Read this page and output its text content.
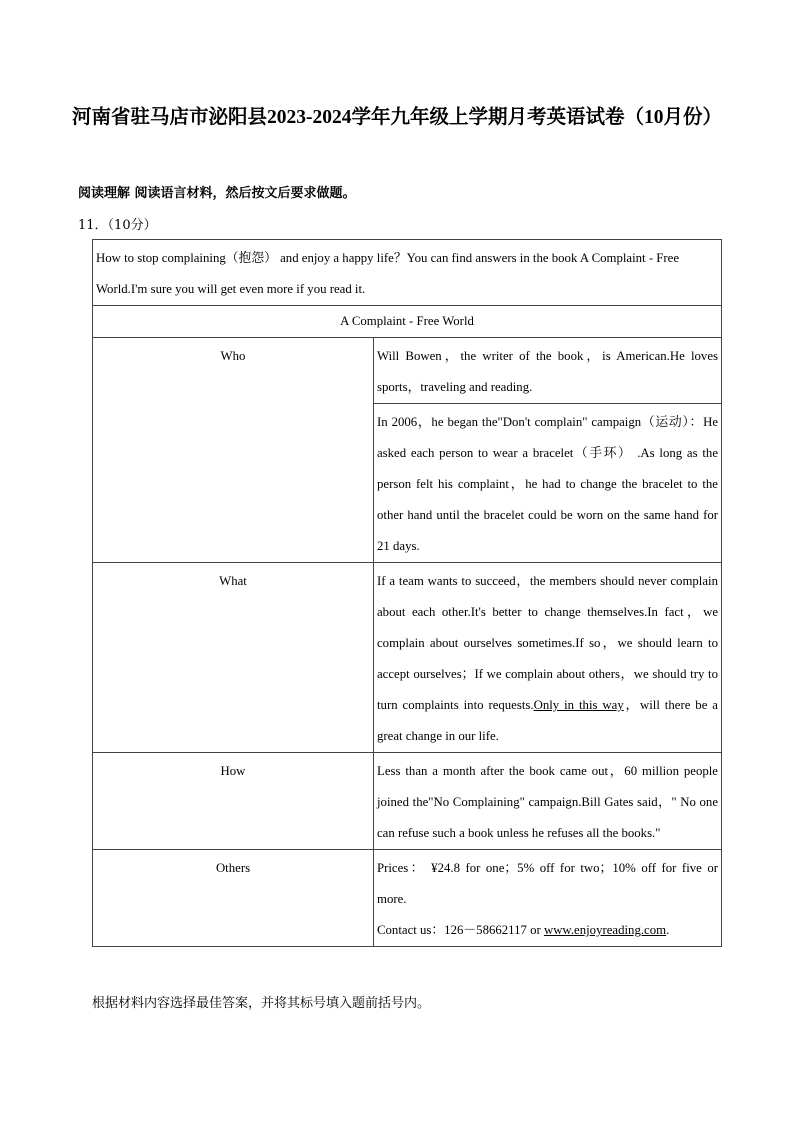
河南省驻马店市泌阳县2023-2024学年九年级上学期月考英语试卷（10月份）
阅读理解 阅读语言材料，然后按文后要求做题。
11．（10分）
How to stop complaining（抱怨） and enjoy a happy life？You can find answers in the book A Complaint - Free World.I'm sure you will get even more if you read it.	
A Complaint - Free World	
Who	Will Bowen，the writer of the book，is American.He loves sports，traveling and reading.
	In 2006，he began the"Don't complain" campaign（运动）：He asked each person to wear a bracelet（手环） .As long as the person felt his complaint，he had to change the bracelet to the other hand until the bracelet could be worn on the same hand for 21 days.
What	If a team wants to succeed，the members should never complain about each other.It's better to change themselves.In fact，we complain about ourselves sometimes.If so，we should learn to accept ourselves；If we complain about others，we should try to turn complaints into requests.Only in this way，will there be a great change in our life.
How	Less than a month after the book came out，60 million people joined the"No Complaining" campaign.Bill Gates said，" No one can refuse such a book unless he refuses all the books."
Others	Prices： ¥24.8 for one；5% off for two；10% off for five or more.
Contact us：126－58662117 or www.enjoyreading.com.
根据材料内容选择最佳答案，并将其标号填入题前括号内。
